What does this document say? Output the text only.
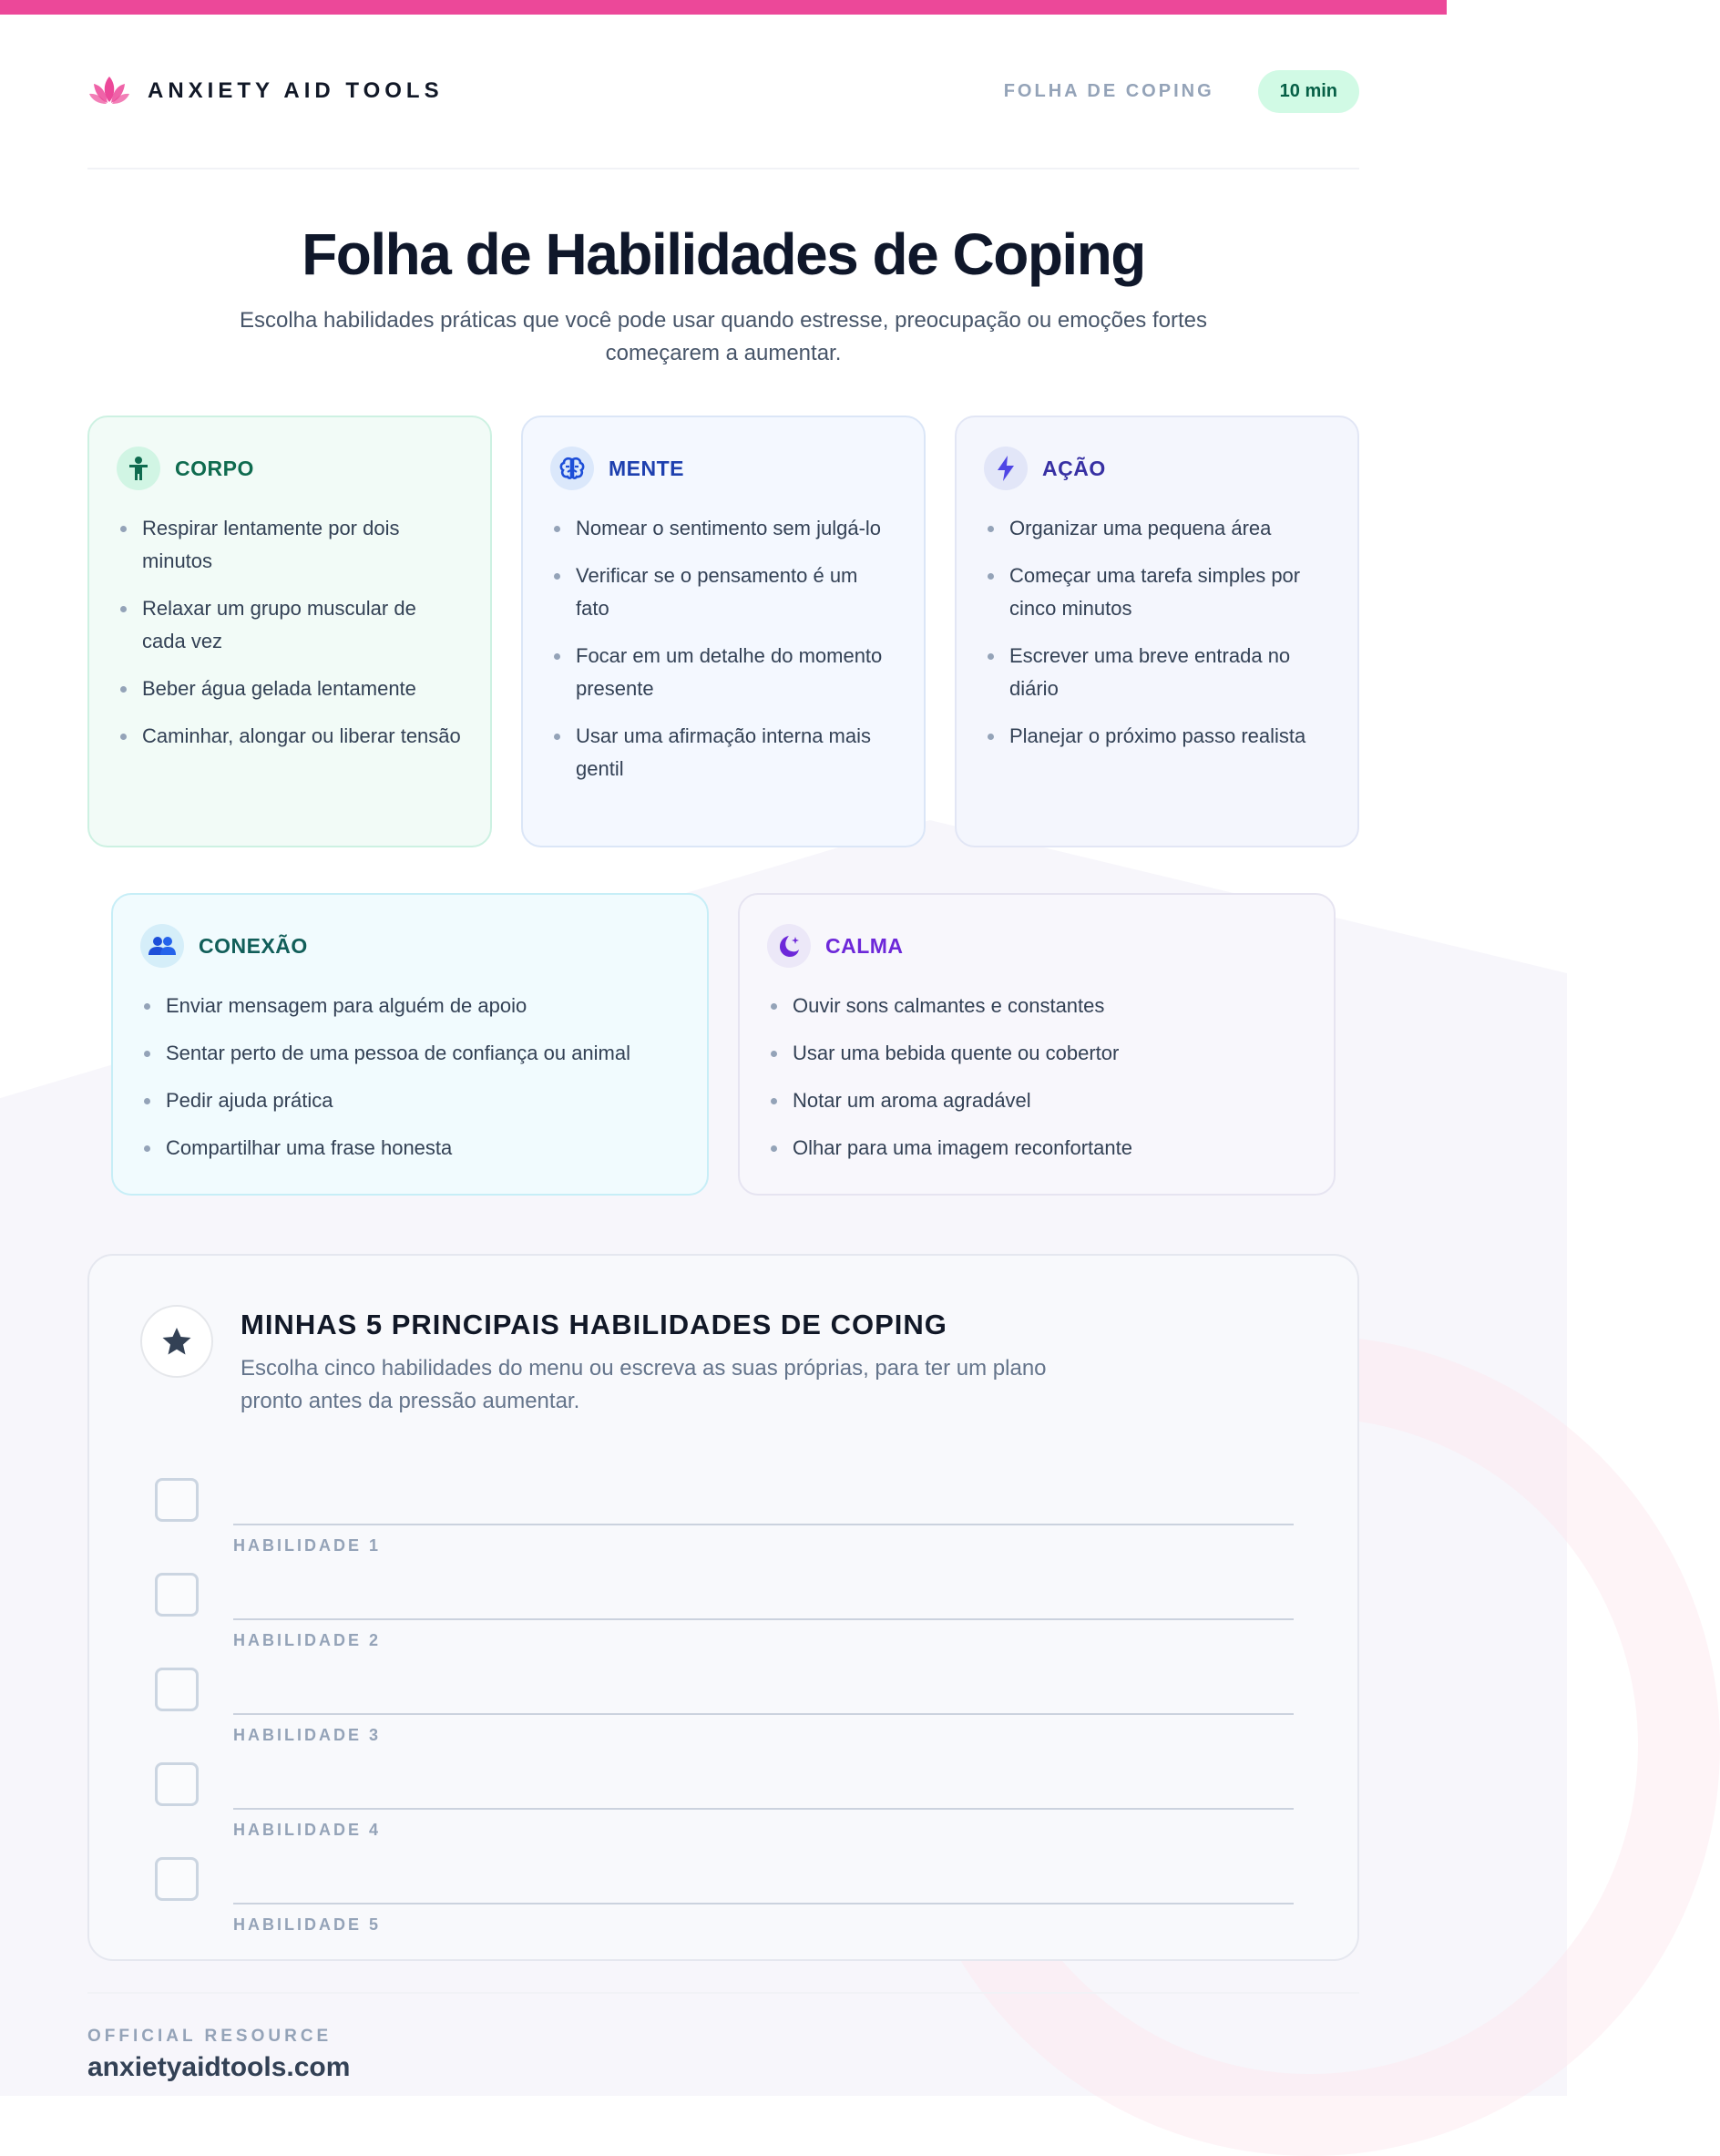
ANXIETY AID TOOLS	FOLHA DE COPING	10 min
Folha de Habilidades de Coping

Escolha habilidades práticas que você pode usar quando estresse, preocupação ou emoções fortes começarem a aumentar.

CORPO
Respirar lentamente por dois minutos
Relaxar um grupo muscular de cada vez
Beber água gelada lentamente
Caminhar, alongar ou liberar tensão
MENTE
Nomear o sentimento sem julgá-lo
Verificar se o pensamento é um fato
Focar em um detalhe do momento presente
Usar uma afirmação interna mais gentil
AÇÃO
Organizar uma pequena área
Começar uma tarefa simples por cinco minutos
Escrever uma breve entrada no diário
Planejar o próximo passo realista
CONEXÃO
Enviar mensagem para alguém de apoio
Sentar perto de uma pessoa de confiança ou animal
Pedir ajuda prática
Compartilhar uma frase honesta
CALMA
Ouvir sons calmantes e constantes
Usar uma bebida quente ou cobertor
Notar um aroma agradável
Olhar para uma imagem reconfortante
MINHAS 5 PRINCIPAIS HABILIDADES DE COPING

Escolha cinco habilidades do menu ou escreva as suas próprias, para ter um plano pronto antes da pressão aumentar.

HABILIDADE 1
HABILIDADE 2
HABILIDADE 3
HABILIDADE 4
HABILIDADE 5
OFFICIAL RESOURCE
anxietyaidtools.com
